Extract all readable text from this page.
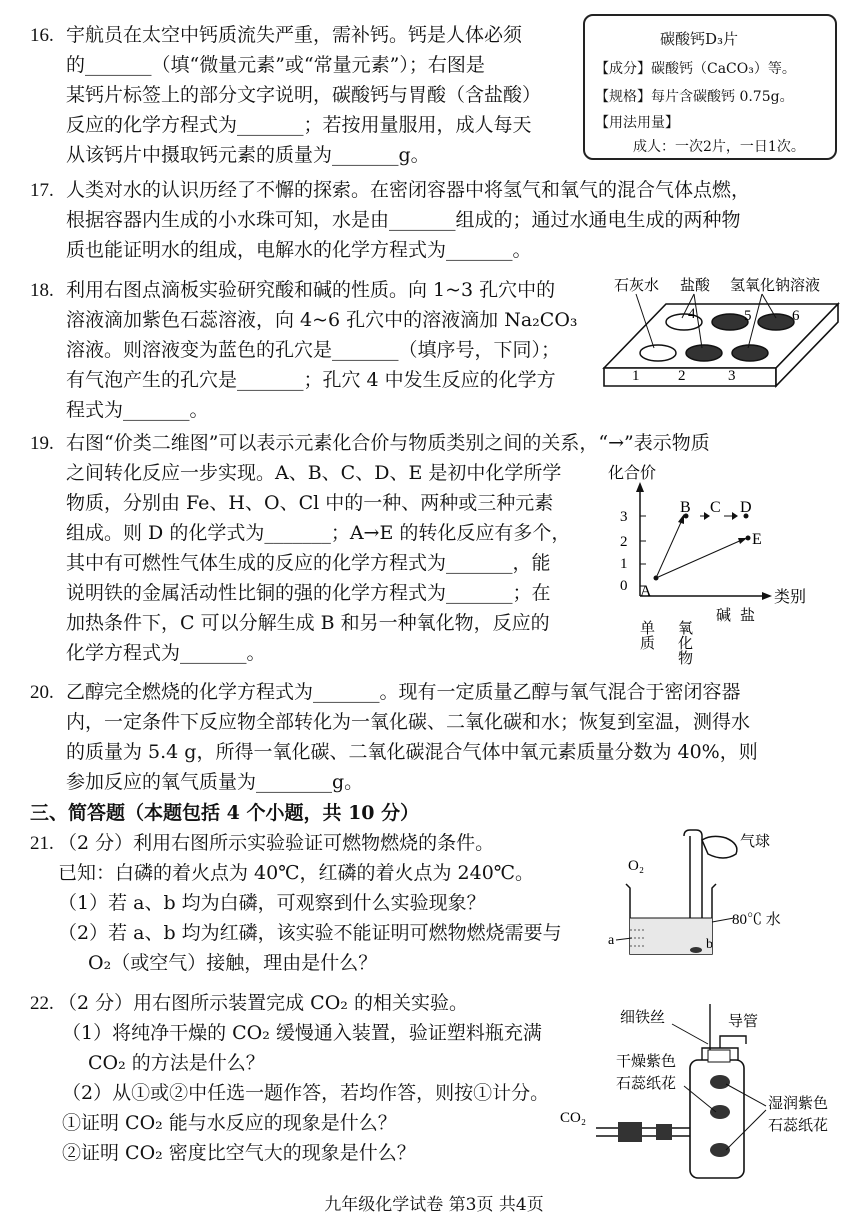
16. 宇航员在太空中钙质流失严重，需补钙。钙是人体必须
的_______（填“微量元素”或“常量元素”）；右图是
某钙片标签上的部分文字说明，碳酸钙与胃酸（含盐酸）
反应的化学方程式为_______；若按用量服用，成人每天
从该钙片中摄取钙元素的质量为_______g。
碳酸钙D₃片
【成分】碳酸钙（CaCO₃）等。
【规格】每片含碳酸钙 0.75g。
【用法用量】
成人：一次2片，一日1次。
17. 人类对水的认识历经了不懈的探索。在密闭容器中将氢气和氧气的混合气体点燃，
根据容器内生成的小水珠可知，水是由_______组成的；通过水通电生成的两种物
质也能证明水的组成，电解水的化学方程式为_______。
18. 利用右图点滴板实验研究酸和碱的性质。向 1~3 孔穴中的
溶液滴加紫色石蕊溶液，向 4~6 孔穴中的溶液滴加 Na₂CO₃
溶液。则溶液变为蓝色的孔穴是_______（填序号，下同）；
有气泡产生的孔穴是_______；孔穴 4 中发生反应的化学方
程式为_______。
石灰水 盐酸 氢氧化钠溶液
1	2	3
4	5	6
19. 右图“价类二维图”可以表示元素化合价与物质类别之间的关系，“→”表示物质
之间转化反应一步实现。A、B、C、D、E 是初中化学所学
物质，分别由 Fe、H、O、Cl 中的一种、两种或三种元素
组成。则 D 的化学式为_______；A→E 的转化反应有多个，
其中有可燃性气体生成的反应的化学方程式为_______，能
说明铁的金属活动性比铜的强的化学方程式为_______；在
加热条件下，C 可以分解生成 B 和另一种氧化物，反应的
化学方程式为_______。
化合价
类别
3
2
1
0
单质 氧化物
碱 盐
A
B C D
E
20. 乙醇完全燃烧的化学方程式为_______。现有一定质量乙醇与氧气混合于密闭容器
内，一定条件下反应物全部转化为一氧化碳、二氧化碳和水；恢复到室温，测得水
的质量为 5.4 g，所得一氧化碳、二氧化碳混合气体中氧元素质量分数为 40%，则
参加反应的氧气质量为________g。
三、简答题（本题包括 4 个小题，共 10 分）
21. （2 分）利用右图所示实验验证可燃物燃烧的条件。
已知：白磷的着火点为 40℃，红磷的着火点为 240℃。
（1）若 a、b 均为白磷，可观察到什么实验现象？
（2）若 a、b 均为红磷，该实验不能证明可燃物燃烧需要与
O₂（或空气）接触，理由是什么？
气球
O₂
80℃ 水
a	b
22. （2 分）用右图所示装置完成 CO₂ 的相关实验。
（1）将纯净干燥的 CO₂ 缓慢通入装置，验证塑料瓶充满
CO₂ 的方法是什么？
（2）从①或②中任选一题作答，若均作答，则按①计分。
①证明 CO₂ 能与水反应的现象是什么？
②证明 CO₂ 密度比空气大的现象是什么？
细铁丝	导管
干燥紫色
石蕊纸花
湿润紫色
石蕊纸花
CO₂
九年级化学试卷 第3页 共4页
